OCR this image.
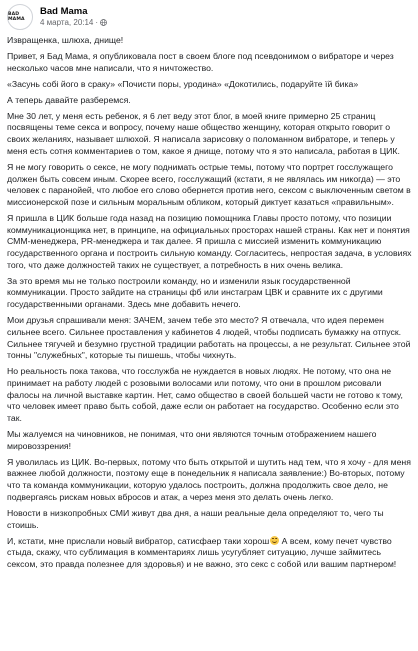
BAD MAMA
Bad Mama
4 марта, 20:14 ·

Извращенка, шлюха, днище!

Привет, я Бад Мама, я опубликовала пост в своем блоге под псевдонимом о вибраторе и через несколько часов мне написали, что я ничтожество.

«Засунь собі його в сраку» «Почисти поры, уродина» «Докотились, подаруйте їй бика»

А теперь давайте разберемся.

Мне 30 лет, у меня есть ребенок, я 6 лет веду этот блог, в моей книге примерно 25 страниц посвящены теме секса и вопросу, почему наше общество женщину, которая открыто говорит о своих желаниях, называет шлюхой. Я написала зарисовку о поломанном вибраторе, и теперь у меня есть сотня комментариев о том, какое я днище, потому что я это написала, работая в ЦИК.

Я не могу говорить о сексе, не могу поднимать острые темы, потому что портрет госслужащего должен быть совсем иным. Скорее всего, госслужащий (кстати, я не являлась им никогда) — это человек с паранойей, что любое его слово обернется против него, сексом с выключенным светом в миссионерской позе и сильным моральным обликом, который диктует казаться «правильным».

Я пришла в ЦИК больше года назад на позицию помощника Главы просто потому, что позиции коммуникационщика нет, в принципе, на официальных просторах нашей страны. Как нет и понятия СММ-менеджера, PR-менеджера и так далее. Я пришла с миссией изменить коммуникацию государственного органа и построить сильную команду. Согласитесь, непростая задача, в условиях того, что даже должностей таких не существует, а потребность в них очень велика.

За это время мы не только построили команду, но и изменили язык государственной коммуникации. Просто зайдите на страницы фб или инстаграм ЦВК и сравните их с другими государственными органами. Здесь мне добавить нечего.

Мои друзья спрашивали меня: ЗАЧЕМ, зачем тебе это место? Я отвечала, что идея перемен сильнее всего. Сильнее проставления у кабинетов 4 людей, чтобы подписать бумажку на отпуск. Сильнее тягучей и безумно грустной традиции работать на процессы, а не результат. Сильнее этой тонны "служебных", которые ты пишешь, чтобы чихнуть.

Но реальность пока такова, что госслужба не нуждается в новых людях. Не потому, что она не принимает на работу людей с розовыми волосами или потому, что они в прошлом рисовали фалосы на личной выставке картин. Нет, само общество в своей большей части не готово к тому, что человек имеет право быть собой, даже если он работает на государство. Особенно если это так.

Мы жалуемся на чиновников, не понимая, что они являются точным отображением нашего мировоззрения!

Я уволилась из ЦИК. Во-первых, потому что быть открытой и шутить над тем, что я хочу - для меня важнее любой должности, поэтому еще в понедельник я написала заявление:) Во-вторых, потому что та команда коммуникации, которую удалось построить, должна продолжить свое дело, не подвергаясь рискам новых вбросов и атак, а через меня это делать очень легко.

Новости в низкопробных СМИ живут два дня, а наши реальные дела определяют то, чего ты стоишь.

И, кстати, мне прислали новый вибратор, сатисфаер таки хорош А всем, кому печет чувство стыда, скажу, что сублимация в комментариях лишь усугубляет ситуацию, лучше займитесь сексом, это правда полезнее для здоровья) и не важно, это секс с собой или вашим партнером!
